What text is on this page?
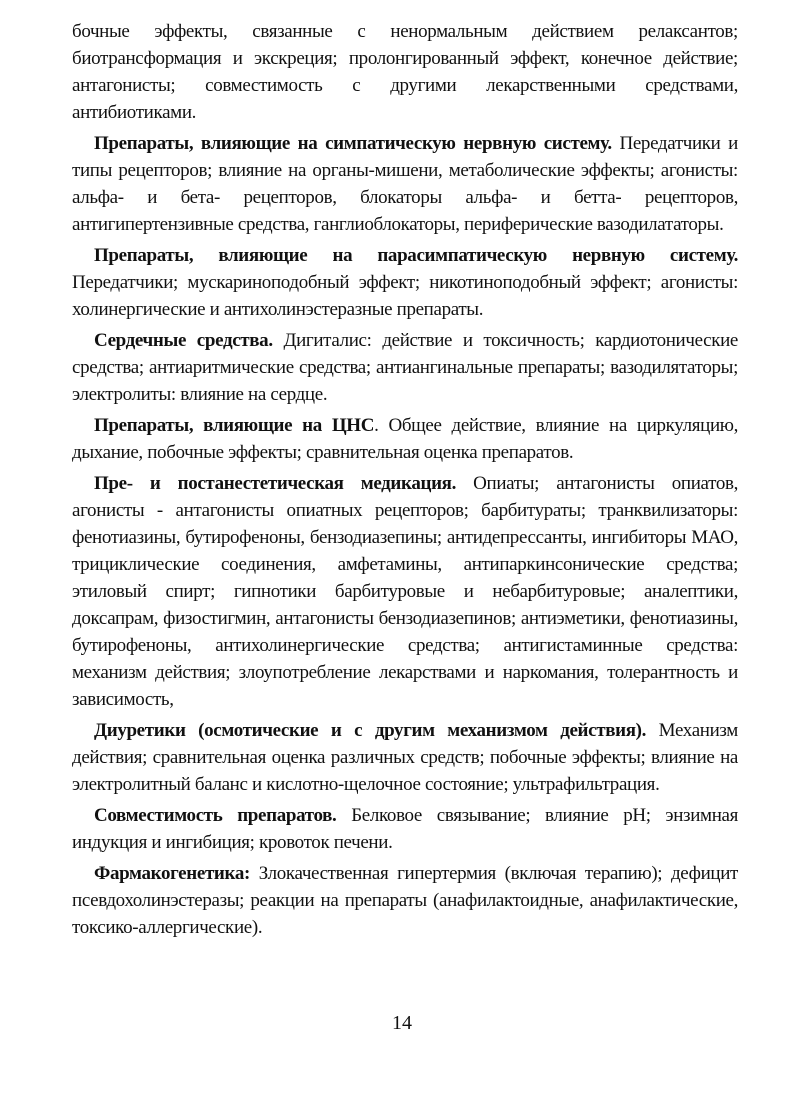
бочные эффекты, связанные с ненормальным действием релаксантов; биотрансформация и экскреция; пролонгированный эффект, конечное действие; антагонисты; совместимость с другими лекарственными средствами, антибиотиками.

Препараты, влияющие на симпатическую нервную систему. Передатчики и типы рецепторов; влияние на органы-мишени, метаболические эффекты; агонисты: альфа- и бета- рецепторов, блокаторы альфа- и бетта- рецепторов, антигипертензивные средства, ганглиоблокаторы, периферические вазодилататоры.

Препараты, влияющие на парасимпатическую нервную систему. Передатчики; мускариноподобный эффект; никотиноподобный эффект; агонисты: холинергические и антихолинэстеразные препараты.

Сердечные средства. Дигиталис: действие и токсичность; кардиотонические средства; антиаритмические средства; антиангинальные препараты; вазодилятаторы; электролиты: влияние на сердце.

Препараты, влияющие на ЦНС. Общее действие, влияние на циркуляцию, дыхание, побочные эффекты; сравнительная оценка препаратов.

Пре- и постанестетическая медикация. Опиаты; антагонисты опиатов, агонисты - антагонисты опиатных рецепторов; барбитураты; транквилизаторы: фенотиазины, бутирофеноны, бензодиазепины; антидепрессанты, ингибиторы МАО, трициклические соединения, амфетамины, антипаркинсонические средства; этиловый спирт; гипнотики барбитуровые и небарбитуровые; аналептики, доксапрам, физостигмин, антагонисты бензодиазепинов; антиэметики, фенотиазины, бутирофеноны, антихолинергические средства; антигистаминные средства: механизм действия; злоупотребление лекарствами и наркомания, толерантность и зависимость,

Диуретики (осмотические и с другим механизмом действия). Механизм действия; сравнительная оценка различных средств; побочные эффекты; влияние на электролитный баланс и кислотно-щелочное состояние; ультрафильтрация.

Совместимость препаратов. Белковое связывание; влияние pH; энзимная индукция и ингибиция; кровоток печени.

Фармакогенетика: Злокачественная гипертермия (включая терапию); дефицит псевдохолинэстеразы; реакции на препараты (анафилактоидные, анафилактические, токсико-аллергические).

14
